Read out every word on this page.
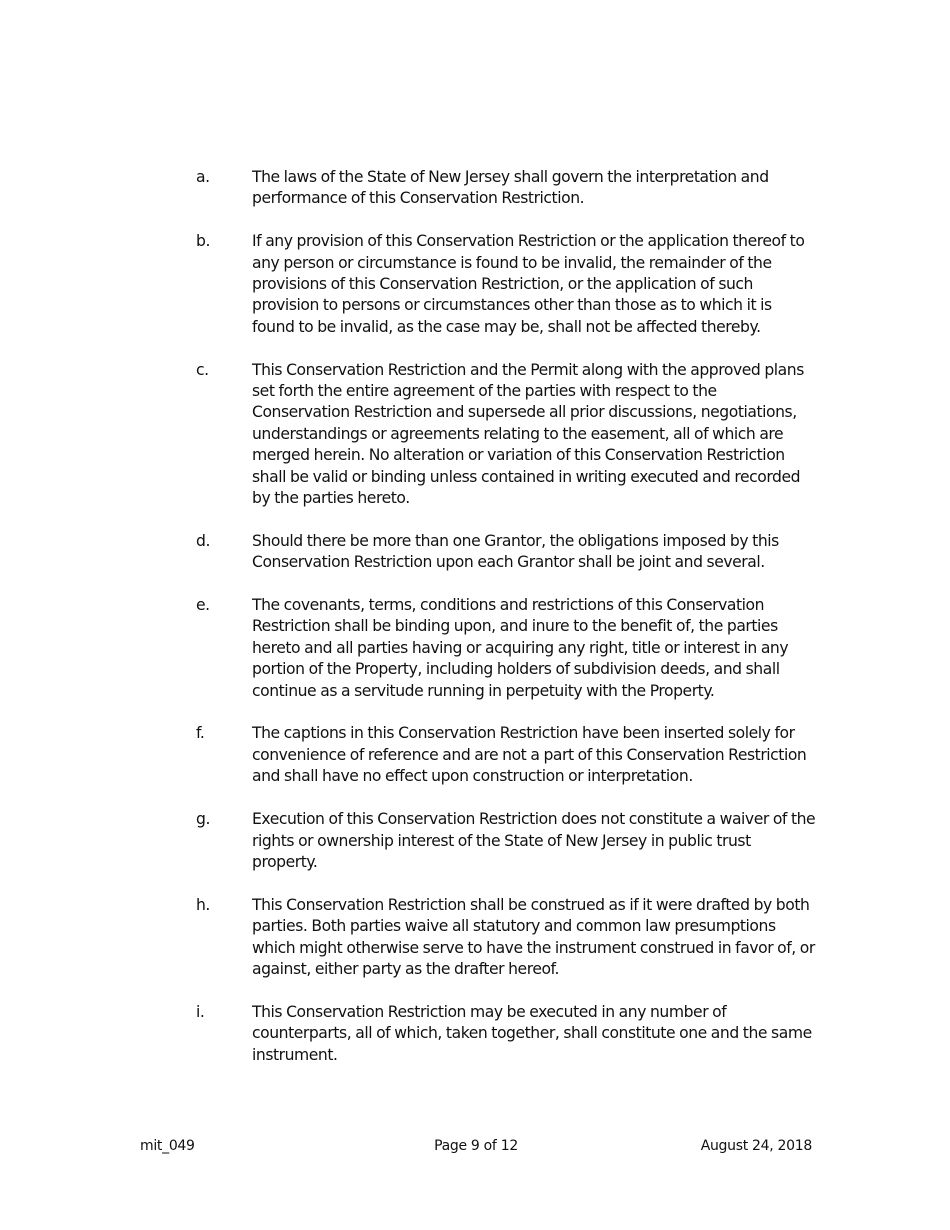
a.	The laws of the State of New Jersey shall govern the interpretation and performance of this Conservation Restriction.
b.	If any provision of this Conservation Restriction or the application thereof to any person or circumstance is found to be invalid, the remainder of the provisions of this Conservation Restriction, or the application of such provision to persons or circumstances other than those as to which it is found to be invalid, as the case may be, shall not be affected thereby.
c.	This Conservation Restriction and the Permit along with the approved plans set forth the entire agreement of the parties with respect to the Conservation Restriction and supersede all prior discussions, negotiations, understandings or agreements relating to the easement, all of which are merged herein. No alteration or variation of this Conservation Restriction shall be valid or binding unless contained in writing executed and recorded by the parties hereto.
d.	Should there be more than one Grantor, the obligations imposed by this Conservation Restriction upon each Grantor shall be joint and several.
e.	The covenants, terms, conditions and restrictions of this Conservation Restriction shall be binding upon, and inure to the benefit of, the parties hereto and all parties having or acquiring any right, title or interest in any portion of the Property, including holders of subdivision deeds, and shall continue as a servitude running in perpetuity with the Property.
f.	The captions in this Conservation Restriction have been inserted solely for convenience of reference and are not a part of this Conservation Restriction and shall have no effect upon construction or interpretation.
g.	Execution of this Conservation Restriction does not constitute a waiver of the rights or ownership interest of the State of New Jersey in public trust property.
h.	This Conservation Restriction shall be construed as if it were drafted by both parties. Both parties waive all statutory and common law presumptions which might otherwise serve to have the instrument construed in favor of, or against, either party as the drafter hereof.
i.	This Conservation Restriction may be executed in any number of counterparts, all of which, taken together, shall constitute one and the same instrument.
mit_049	Page 9 of 12	August 24, 2018
